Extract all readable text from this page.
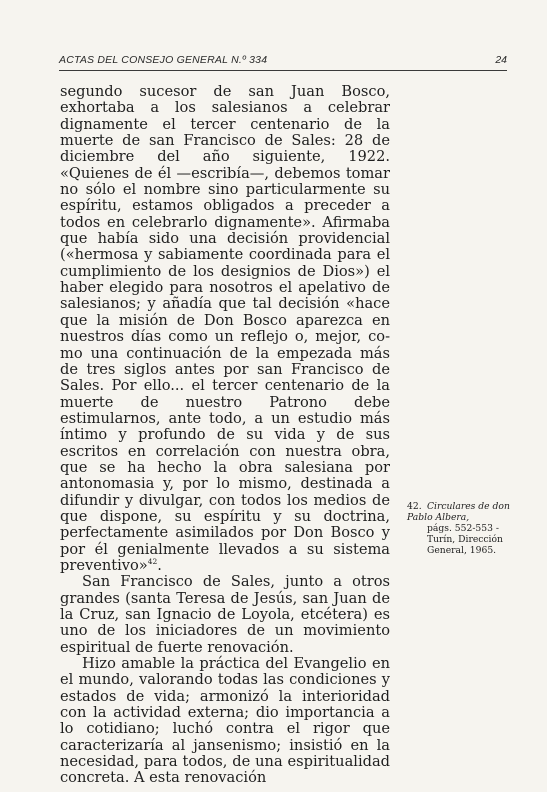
ACTAS DEL CONSEJO GENERAL N.º 334	24

segundo sucesor de san Juan Bosco, exhortaba a los salesianos a celebrar dignamente el tercer centenario de la muerte de san Francisco de Sales: 28 de diciembre del año siguiente, 1922. «Quienes de él —escribía—, debemos tomar no sólo el nombre sino particularmente su espíritu, estamos obligados a preceder a todos en celebrarlo dignamente». Afirmaba que había sido una decisión providencial («hermosa y sabiamente coordinada para el cumplimiento de los designios de Dios») el haber elegido para nosotros el apelativo de salesianos; y añadía que tal decisión «hace que la misión de Don Bosco aparezca en nuestros días como un reflejo o, mejor, como una continuación de la empezada más de tres siglos antes por san Francisco de Sales. Por ello... el tercer centenario de la muerte de nuestro Patrono debe estimularnos, ante todo, a un estudio más íntimo y profundo de su vida y de sus escritos en correlación con nuestra obra, que se ha hecho la obra salesiana por antonomasia y, por lo mismo, destinada a difundir y divulgar, con todos los medios de que dispone, su espíritu y su doctrina, perfectamente asimilados por Don Bosco y por él genialmente llevados a su sistema preventivo»$^{42}$.

San Francisco de Sales, junto a otros grandes (santa Teresa de Jesús, san Juan de la Cruz, san Ignacio de Loyola, etcétera) es uno de los iniciadores de un movimiento espiritual de fuerte renovación.

Hizo amable la práctica del Evangelio en el mundo, valorando todas las condiciones y estados de vida; armonizó la interioridad con la actividad externa; dio importancia a lo cotidiano; luchó contra el rigor que caracterizaría al jansenismo; insistió en la necesidad, para todos, de una espiritualidad concreta. A esta renovación

42. Circulares de don Pablo Albera,
págs. 552-553 - Turín, Dirección General, 1965.
